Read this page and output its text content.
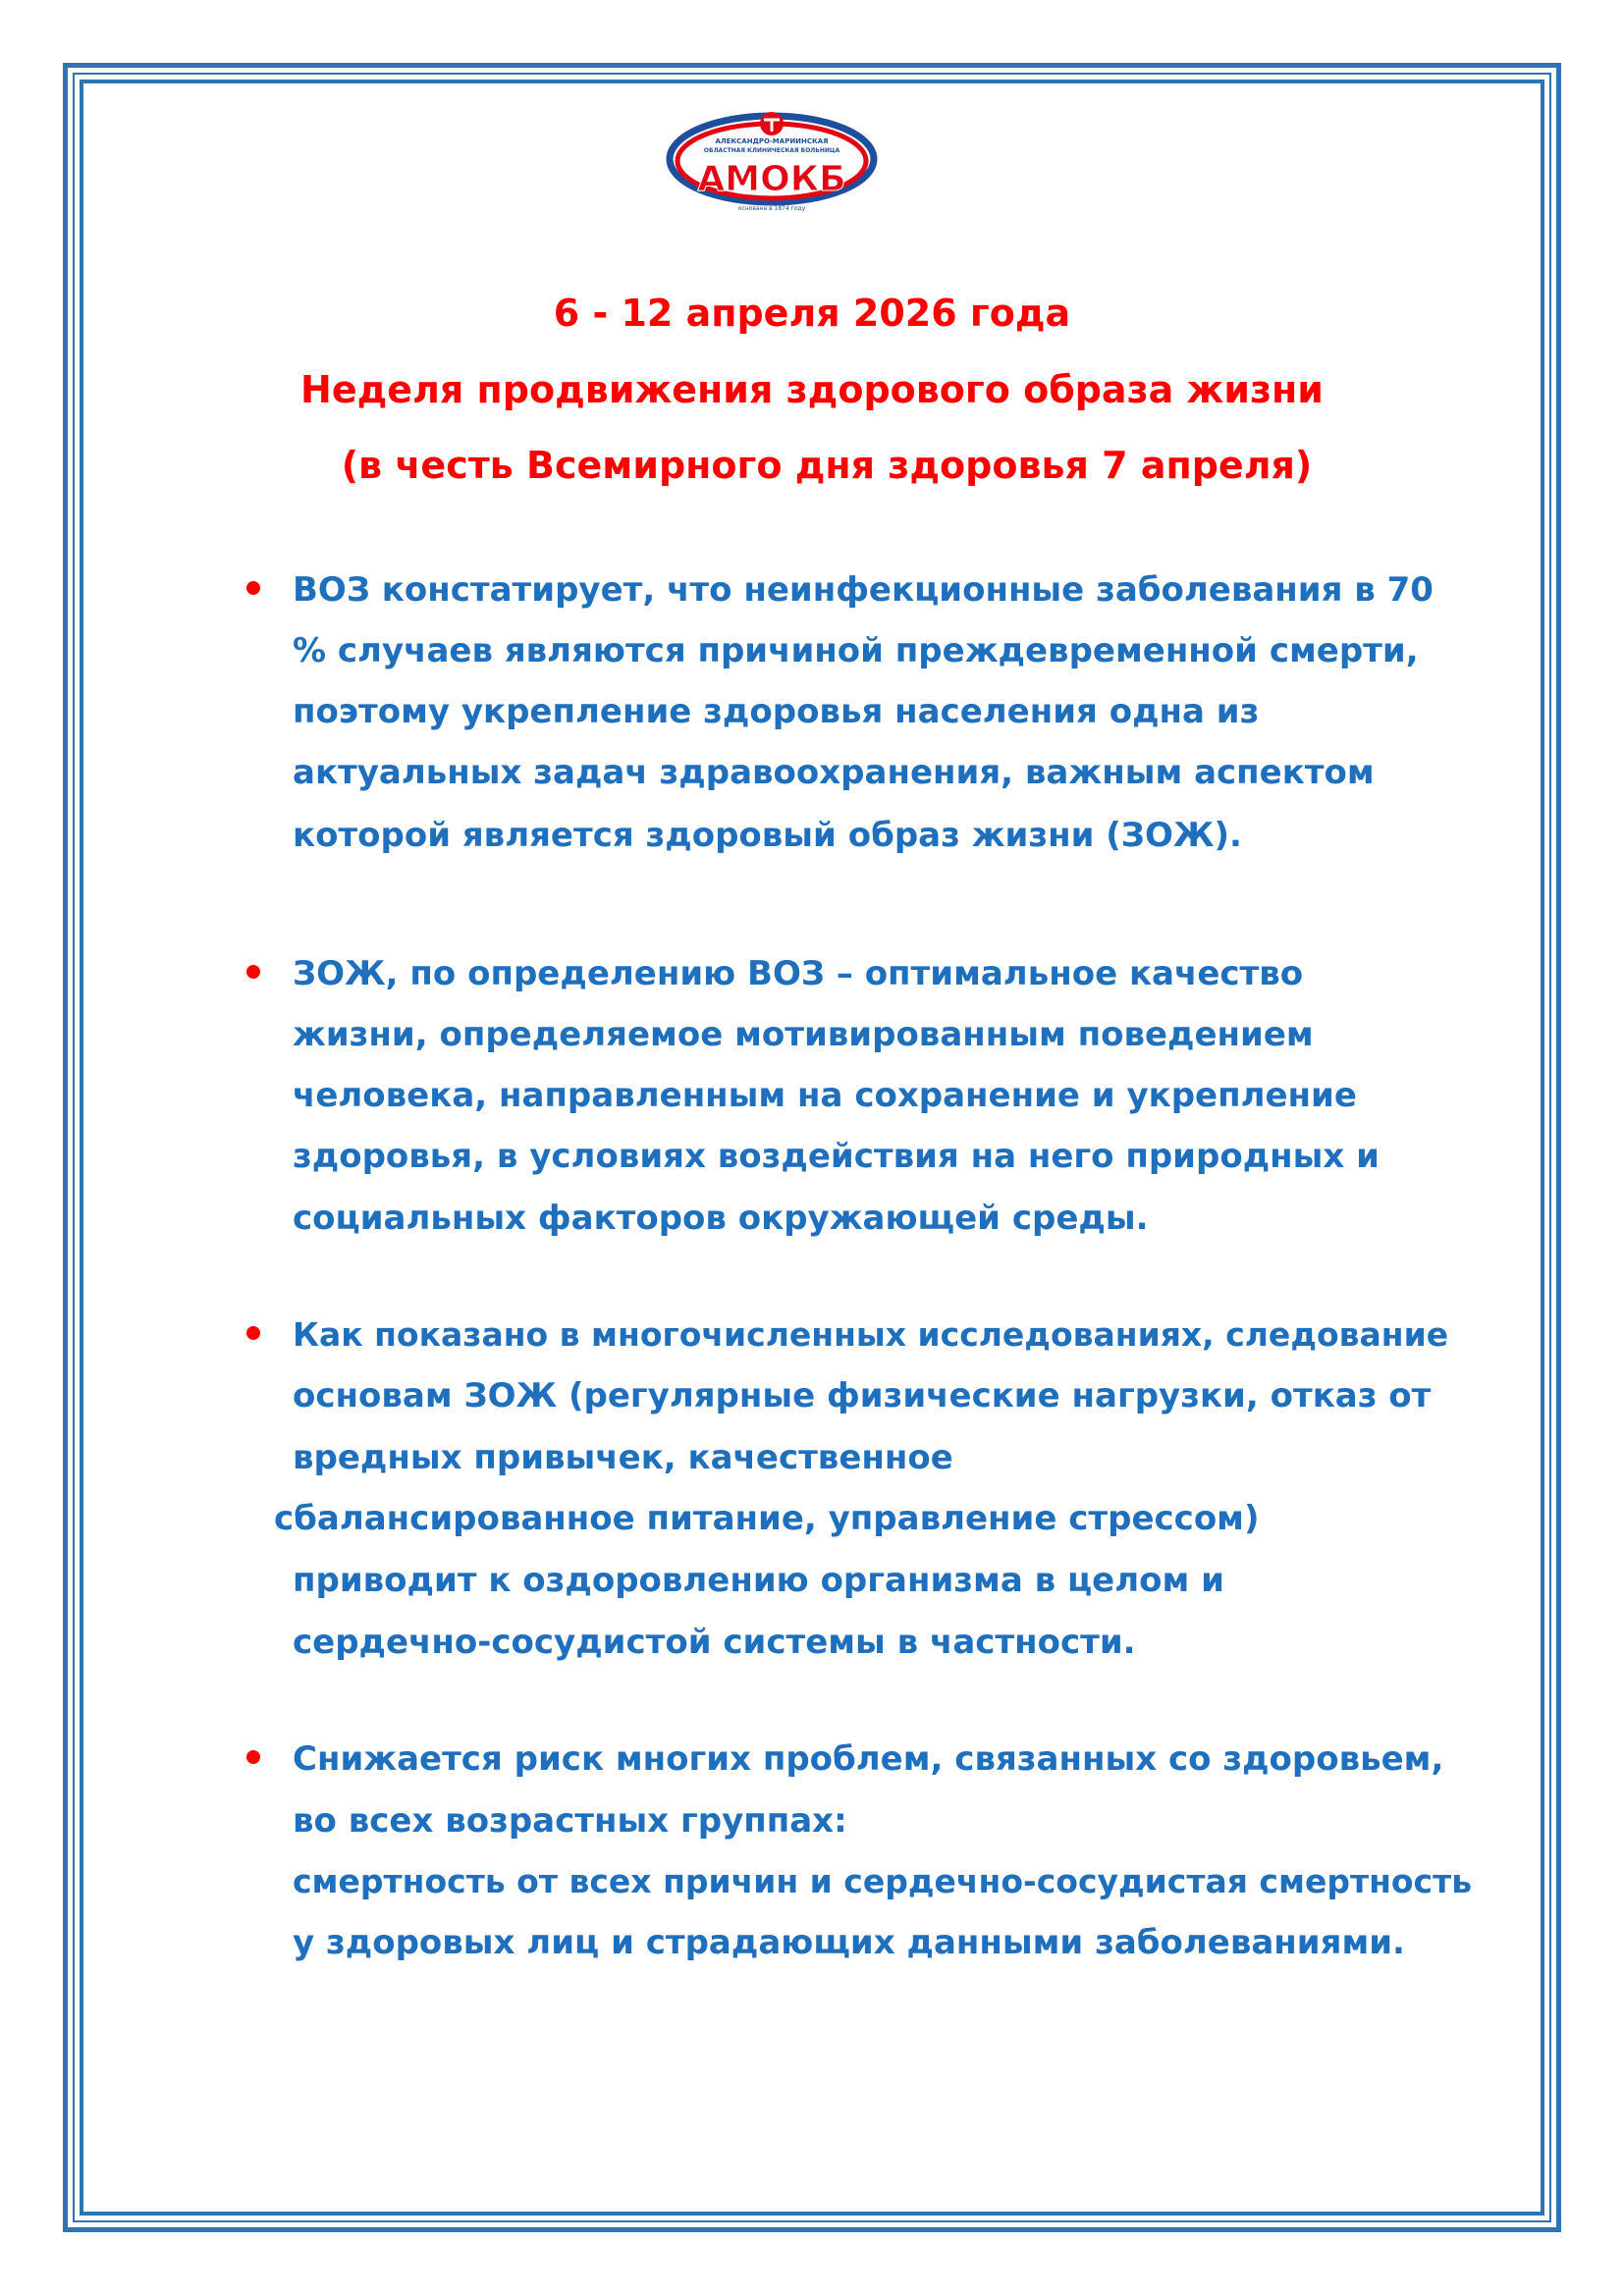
АЛЕКСАНДРО-МАРИИНСКАЯ
ОБЛАСТНАЯ КЛИНИЧЕСКАЯ БОЛЬНИЦА
АМОКБ
основана в 1874 году
6 - 12 апреля 2026 года
Неделя продвижения здорового образа жизни
(в честь Всемирного дня здоровья 7 апреля)
ВОЗ констатирует, что неинфекционные заболевания в 70
% случаев являются причиной преждевременной смерти,
поэтому укрепление здоровья населения одна из
актуальных задач здравоохранения, важным аспектом
которой является здоровый образ жизни (ЗОЖ).
ЗОЖ, по определению ВОЗ – оптимальное качество
жизни, определяемое мотивированным поведением
человека, направленным на сохранение и укрепление
здоровья, в условиях воздействия на него природных и
социальных факторов окружающей среды.
Как показано в многочисленных исследованиях, следование
основам ЗОЖ (регулярные физические нагрузки, отказ от
вредных привычек, качественное
сбалансированное питание, управление стрессом)
приводит к оздоровлению организма в целом и
сердечно-сосудистой системы в частности.
Снижается риск многих проблем, связанных со здоровьем,
во всех возрастных группах:
смертность от всех причин и сердечно-сосудистая смертность
у здоровых лиц и страдающих данными заболеваниями.
